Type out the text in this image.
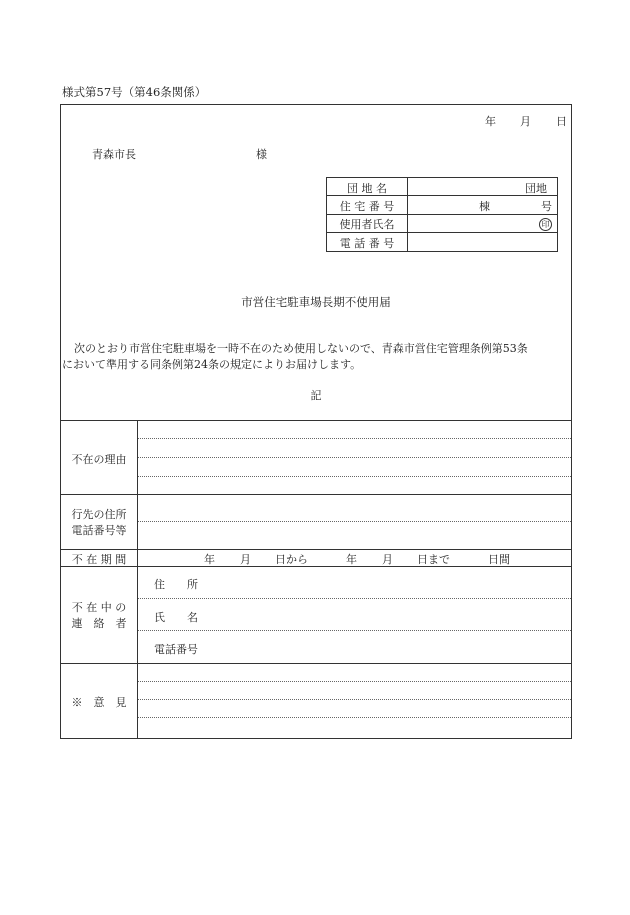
様式第57号（第46条関係）
年 月 日
青森市長	様
団 地 名	団地
住 宅 番 号	棟	号
使用者氏名	印
電 話 番 号
市営住宅駐車場長期不使用届
次のとおり市営住宅駐車場を一時不在のため使用しないので、青森市営住宅管理条例第53条
において準用する同条例第24条の規定によりお届けします。
記
不在の理由
行先の住所
電話番号等
不 在 期 間	年 月 日から	年 月 日まで	日間
不 在 中 の
連　絡　者
住　　所
氏　　名
電話番号
※　意　見
